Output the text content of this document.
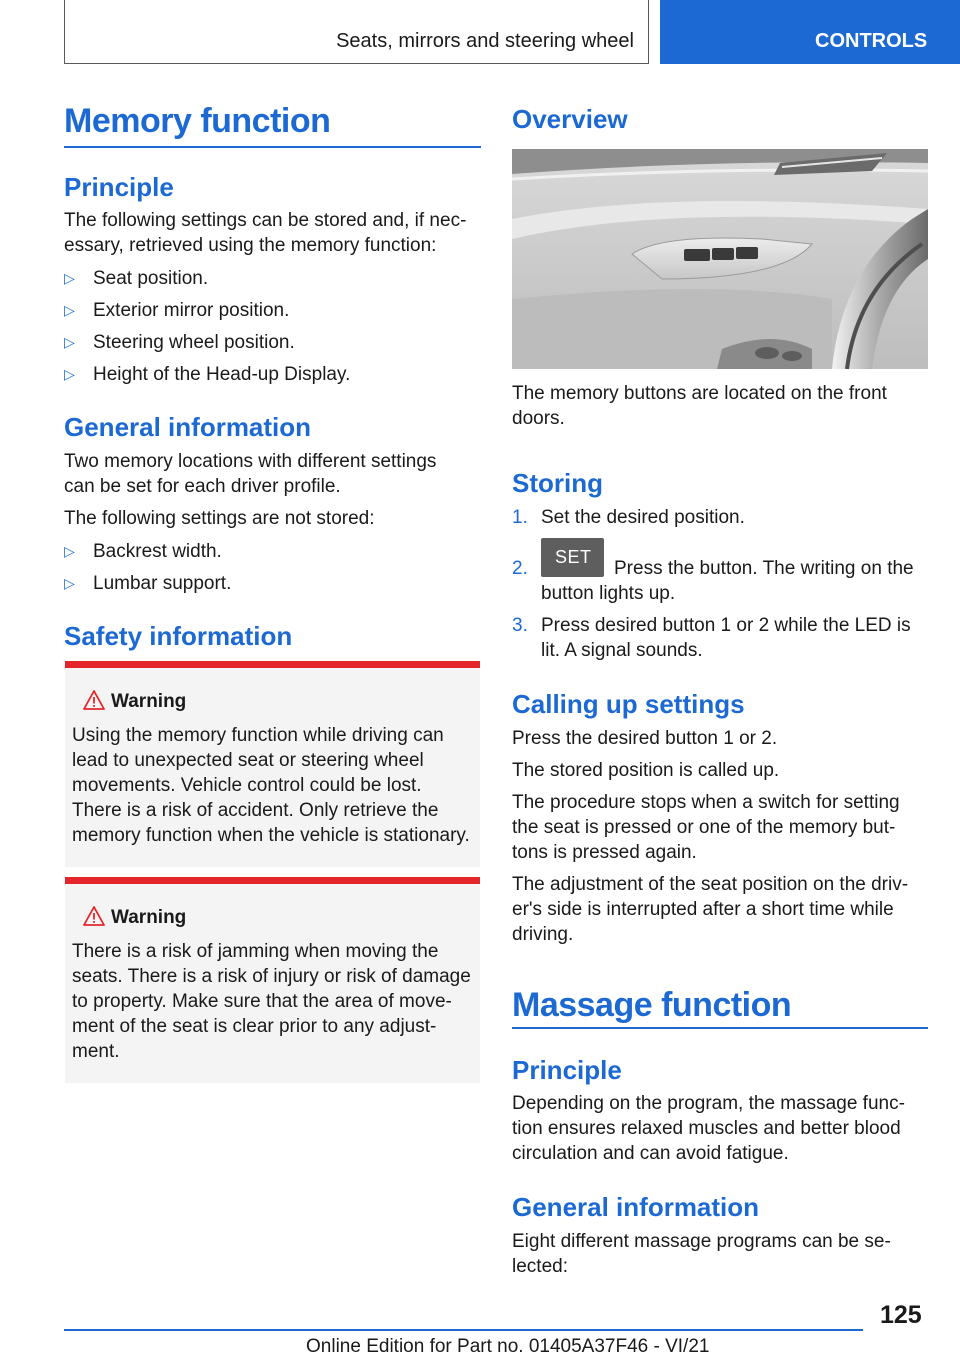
Seats, mirrors and steering wheel	CONTROLS
Memory function
Principle
The following settings can be stored and, if nec-
essary, retrieved using the memory function:
▷ Seat position.
▷ Exterior mirror position.
▷ Steering wheel position.
▷ Height of the Head-up Display.
General information
Two memory locations with different settings
can be set for each driver profile.
The following settings are not stored:
▷ Backrest width.
▷ Lumbar support.
Safety information
Warning
Using the memory function while driving can
lead to unexpected seat or steering wheel
movements. Vehicle control could be lost.
There is a risk of accident. Only retrieve the
memory function when the vehicle is stationary.
Warning
There is a risk of jamming when moving the
seats. There is a risk of injury or risk of damage
to property. Make sure that the area of move-
ment of the seat is clear prior to any adjust-
ment.
Overview
The memory buttons are located on the front
doors.
Storing
1. Set the desired position.
2.
SET
Press the button. The writing on the
button lights up.
3. Press desired button 1 or 2 while the LED is
lit. A signal sounds.
Calling up settings
Press the desired button 1 or 2.
The stored position is called up.
The procedure stops when a switch for setting
the seat is pressed or one of the memory but-
tons is pressed again.
The adjustment of the seat position on the driv-
er's side is interrupted after a short time while
driving.
Massage function
Principle
Depending on the program, the massage func-
tion ensures relaxed muscles and better blood
circulation and can avoid fatigue.
General information
Eight different massage programs can be se-
lected:
125
Online Edition for Part no. 01405A37F46 - VI/21
